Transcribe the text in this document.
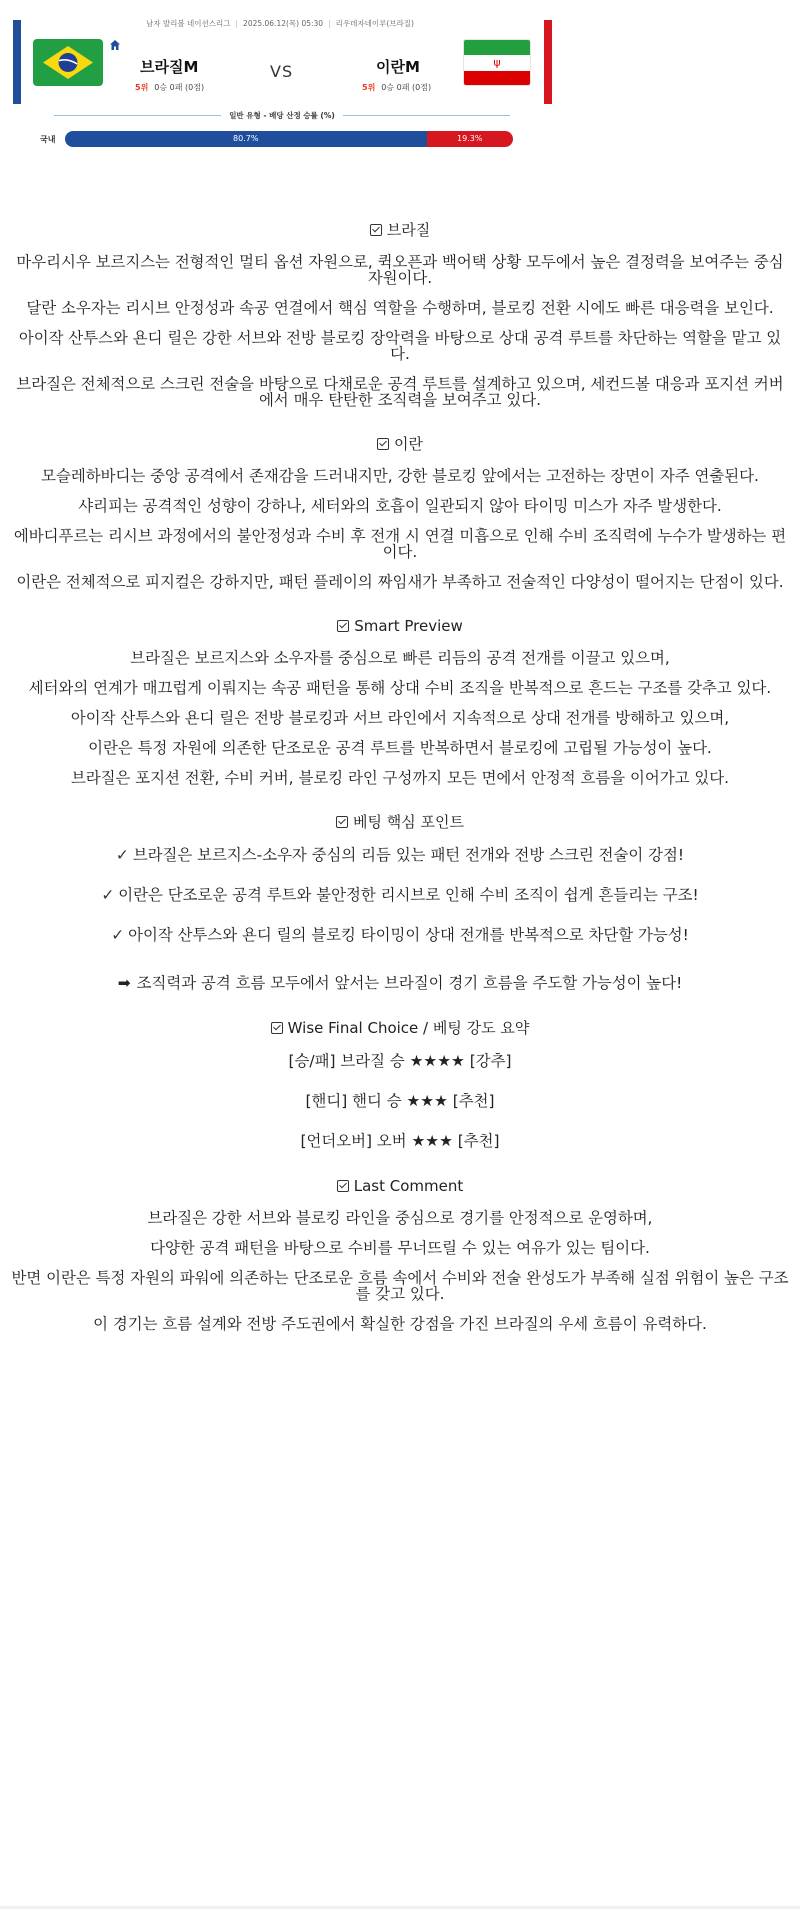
남자 발리볼 네이션스리그 | 2025.06.12(목) 05:30 | 리우데자네이루(브라질)
브라질M
5위 0승 0패 (0점)
VS	이란M
5위 0승 0패 (0점)
ψ
일반 유형 - 배당 산정 승률 (%)
국내	80.7%	19.3%
브라질

마우리시우 보르지스는 전형적인 멀티 옵션 자원으로, 퀵오픈과 백어택 상황 모두에서 높은 결정력을 보여주는 중심 자원이다.

달란 소우자는 리시브 안정성과 속공 연결에서 핵심 역할을 수행하며, 블로킹 전환 시에도 빠른 대응력을 보인다.

아이작 산투스와 욘디 릴은 강한 서브와 전방 블로킹 장악력을 바탕으로 상대 공격 루트를 차단하는 역할을 맡고 있다.

브라질은 전체적으로 스크린 전술을 바탕으로 다채로운 공격 루트를 설계하고 있으며, 세컨드볼 대응과 포지션 커버에서 매우 탄탄한 조직력을 보여주고 있다.

이란

모슬레하바디는 중앙 공격에서 존재감을 드러내지만, 강한 블로킹 앞에서는 고전하는 장면이 자주 연출된다.

샤리피는 공격적인 성향이 강하나, 세터와의 호흡이 일관되지 않아 타이밍 미스가 자주 발생한다.

에바디푸르는 리시브 과정에서의 불안정성과 수비 후 전개 시 연결 미흡으로 인해 수비 조직력에 누수가 발생하는 편이다.

이란은 전체적으로 피지컬은 강하지만, 패턴 플레이의 짜임새가 부족하고 전술적인 다양성이 떨어지는 단점이 있다.

Smart Preview

브라질은 보르지스와 소우자를 중심으로 빠른 리듬의 공격 전개를 이끌고 있으며,

세터와의 연계가 매끄럽게 이뤄지는 속공 패턴을 통해 상대 수비 조직을 반복적으로 흔드는 구조를 갖추고 있다.

아이작 산투스와 욘디 릴은 전방 블로킹과 서브 라인에서 지속적으로 상대 전개를 방해하고 있으며,

이란은 특정 자원에 의존한 단조로운 공격 루트를 반복하면서 블로킹에 고립될 가능성이 높다.

브라질은 포지션 전환, 수비 커버, 블로킹 라인 구성까지 모든 면에서 안정적 흐름을 이어가고 있다.

베팅 핵심 포인트

✓ 브라질은 보르지스-소우자 중심의 리듬 있는 패턴 전개와 전방 스크린 전술이 강점!

✓ 이란은 단조로운 공격 루트와 불안정한 리시브로 인해 수비 조직이 쉽게 흔들리는 구조!

✓ 아이작 산투스와 욘디 릴의 블로킹 타이밍이 상대 전개를 반복적으로 차단할 가능성!

➡ 조직력과 공격 흐름 모두에서 앞서는 브라질이 경기 흐름을 주도할 가능성이 높다!

Wise Final Choice / 베팅 강도 요약

[승/패] 브라질 승 ★★★★ [강추]

[핸디] 핸디 승 ★★★ [추천]

[언더오버] 오버 ★★★ [추천]

Last Comment

브라질은 강한 서브와 블로킹 라인을 중심으로 경기를 안정적으로 운영하며,

다양한 공격 패턴을 바탕으로 수비를 무너뜨릴 수 있는 여유가 있는 팀이다.

반면 이란은 특정 자원의 파워에 의존하는 단조로운 흐름 속에서 수비와 전술 완성도가 부족해 실점 위험이 높은 구조를 갖고 있다.

이 경기는 흐름 설계와 전방 주도권에서 확실한 강점을 가진 브라질의 우세 흐름이 유력하다.
